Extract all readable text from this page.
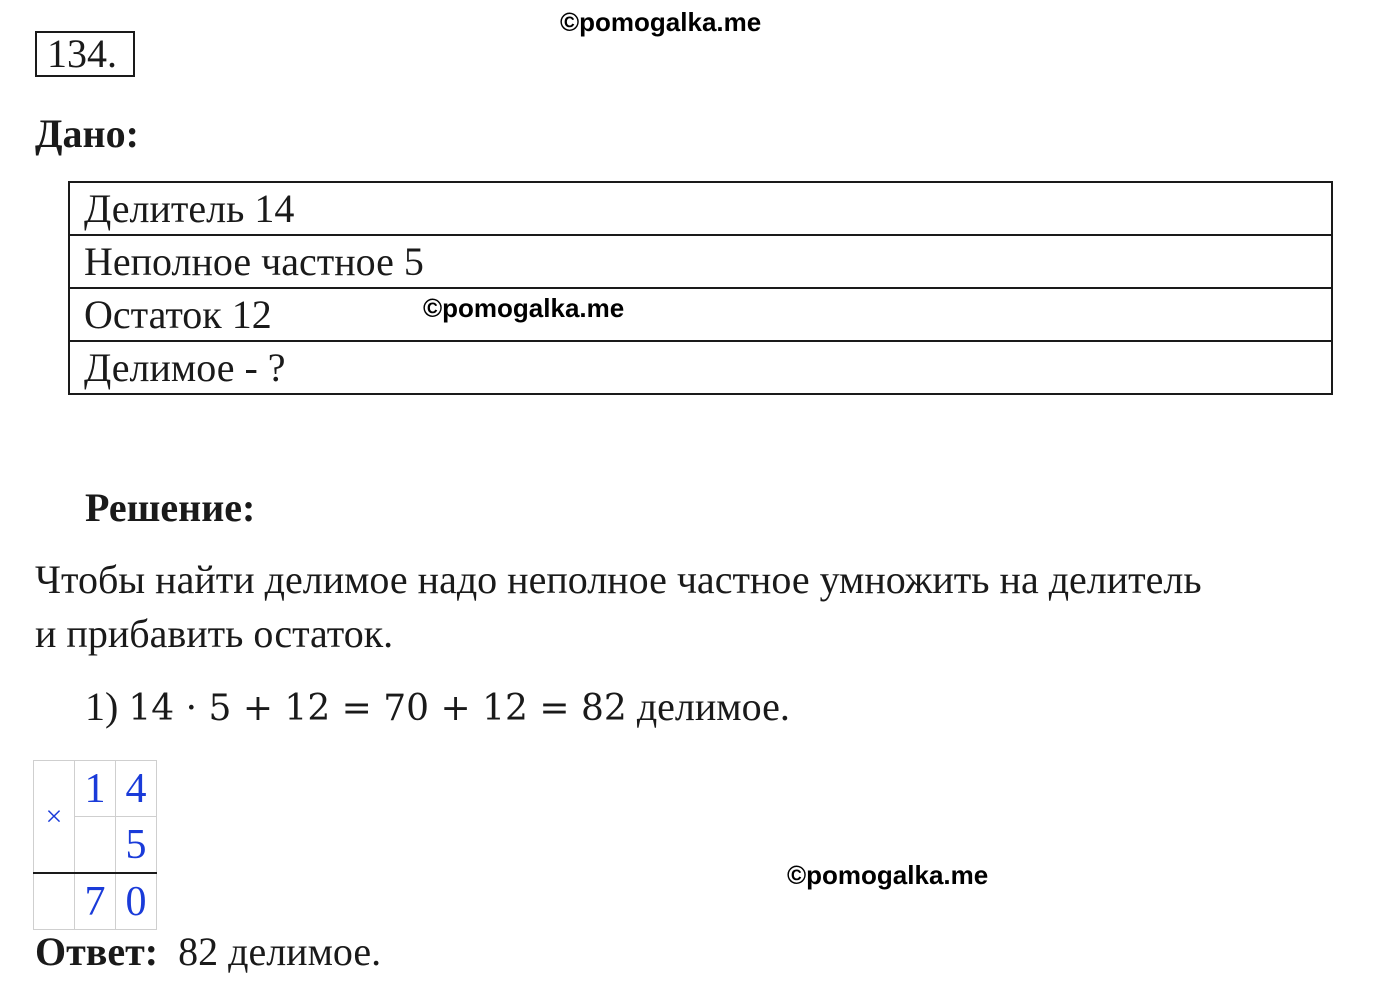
134.
©pomogalka.me
Дано:
Делитель 14
Неполное частное 5
Остаток 12
Делимое - ?
©pomogalka.me
Решение:
Чтобы найти делимое надо неполное частное умножить на делитель
и прибавить остаток.
1) 14 · 5 + 12 = 70 + 12 = 82 делимое.
×	1	4
		5
	7	0
©pomogalka.me
Ответ: 82 делимое.
